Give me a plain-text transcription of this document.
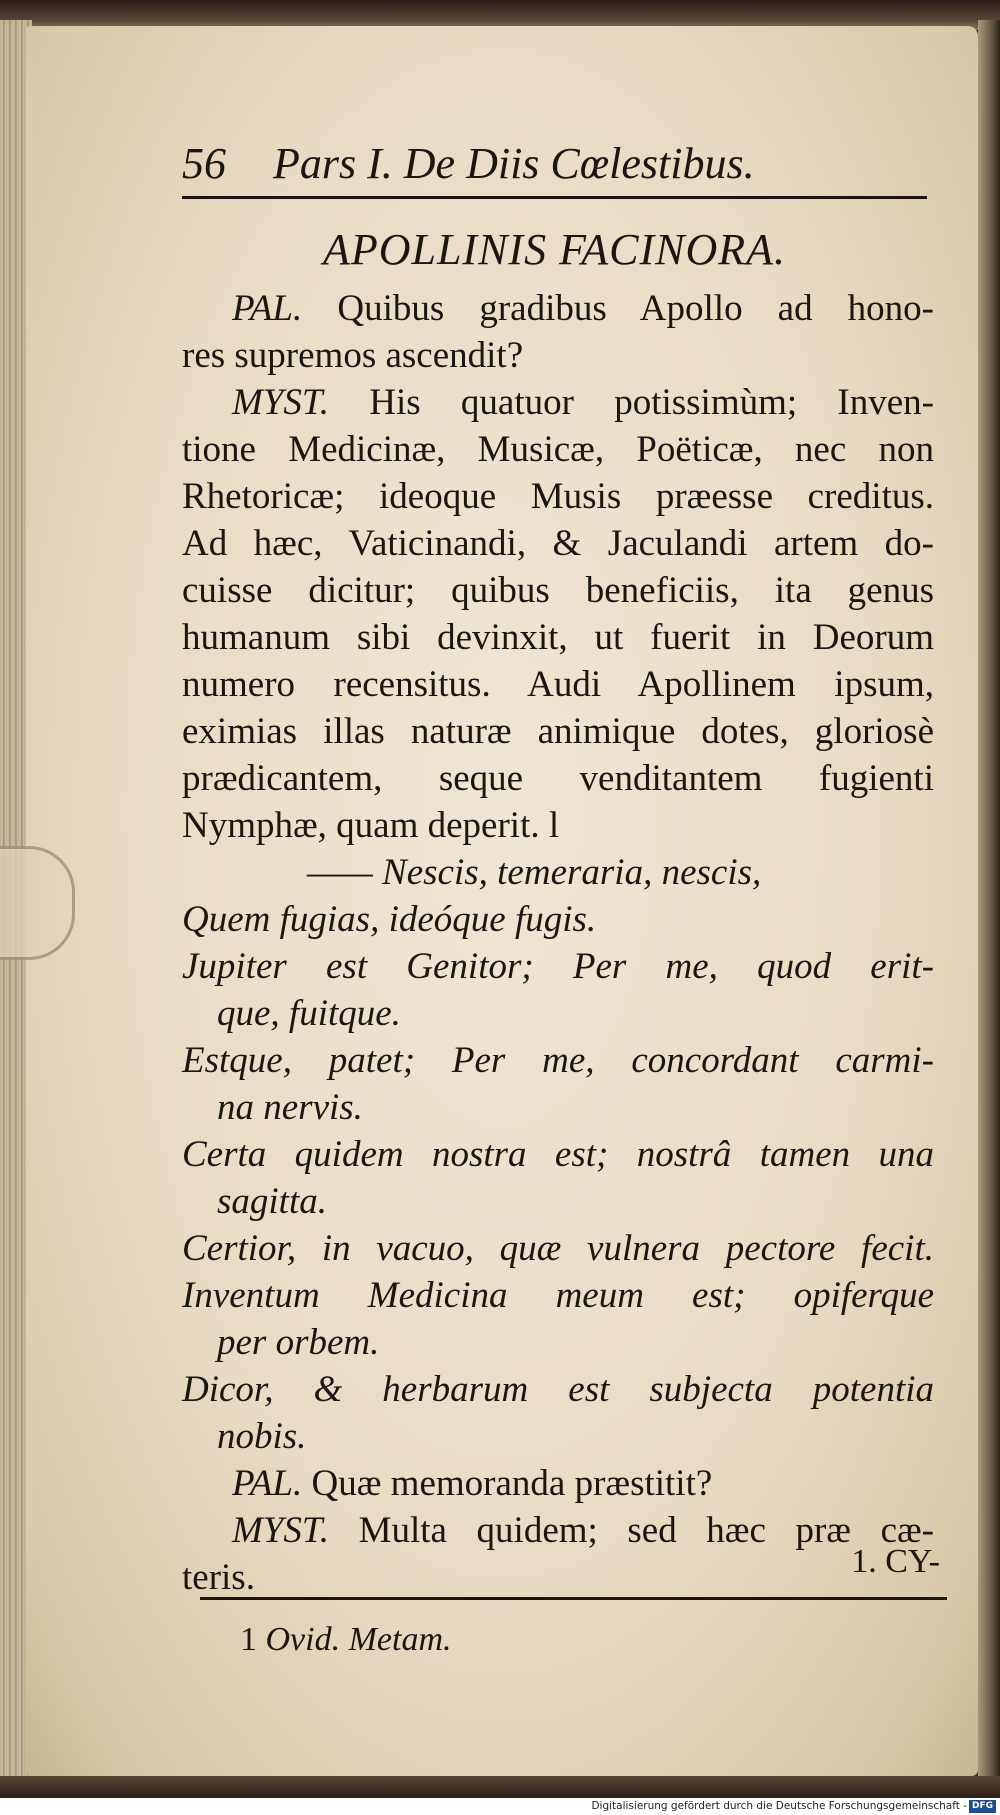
56 Pars I. De Diis Cœlestibus.
APOLLINIS FACINORA.
PAL. Quibus gradibus Apollo ad hono-
res supremos ascendit?
MYST. His quatuor potissimùm; Inven-
tione Medicinæ, Musicæ, Poëticæ, nec non
Rhetoricæ; ideoque Musis præesse creditus.
Ad hæc, Vaticinandi, & Jaculandi artem do-
cuisse dicitur; quibus beneficiis, ita genus
humanum sibi devinxit, ut fuerit in Deorum
numero recensitus. Audi Apollinem ipsum,
eximias illas naturæ animique dotes, gloriosè
prædicantem, seque venditantem fugienti
Nymphæ, quam deperit. l
—— Nescis, temeraria, nescis,
Quem fugias, ideóque fugis.
Jupiter est Genitor; Per me, quod erit-
que, fuitque.
Estque, patet; Per me, concordant carmi-
na nervis.
Certa quidem nostra est; nostrâ tamen una
sagitta.
Certior, in vacuo, quæ vulnera pectore fecit.
Inventum Medicina meum est; opiferque
per orbem.
Dicor, & herbarum est subjecta potentia
nobis.
PAL. Quæ memoranda præstitit?
MYST. Multa quidem; sed hæc præ cæ-
teris.	1. CY-
1 Ovid. Metam.
Digitalisierung gefördert durch die Deutsche Forschungsgemeinschaft - DFG
